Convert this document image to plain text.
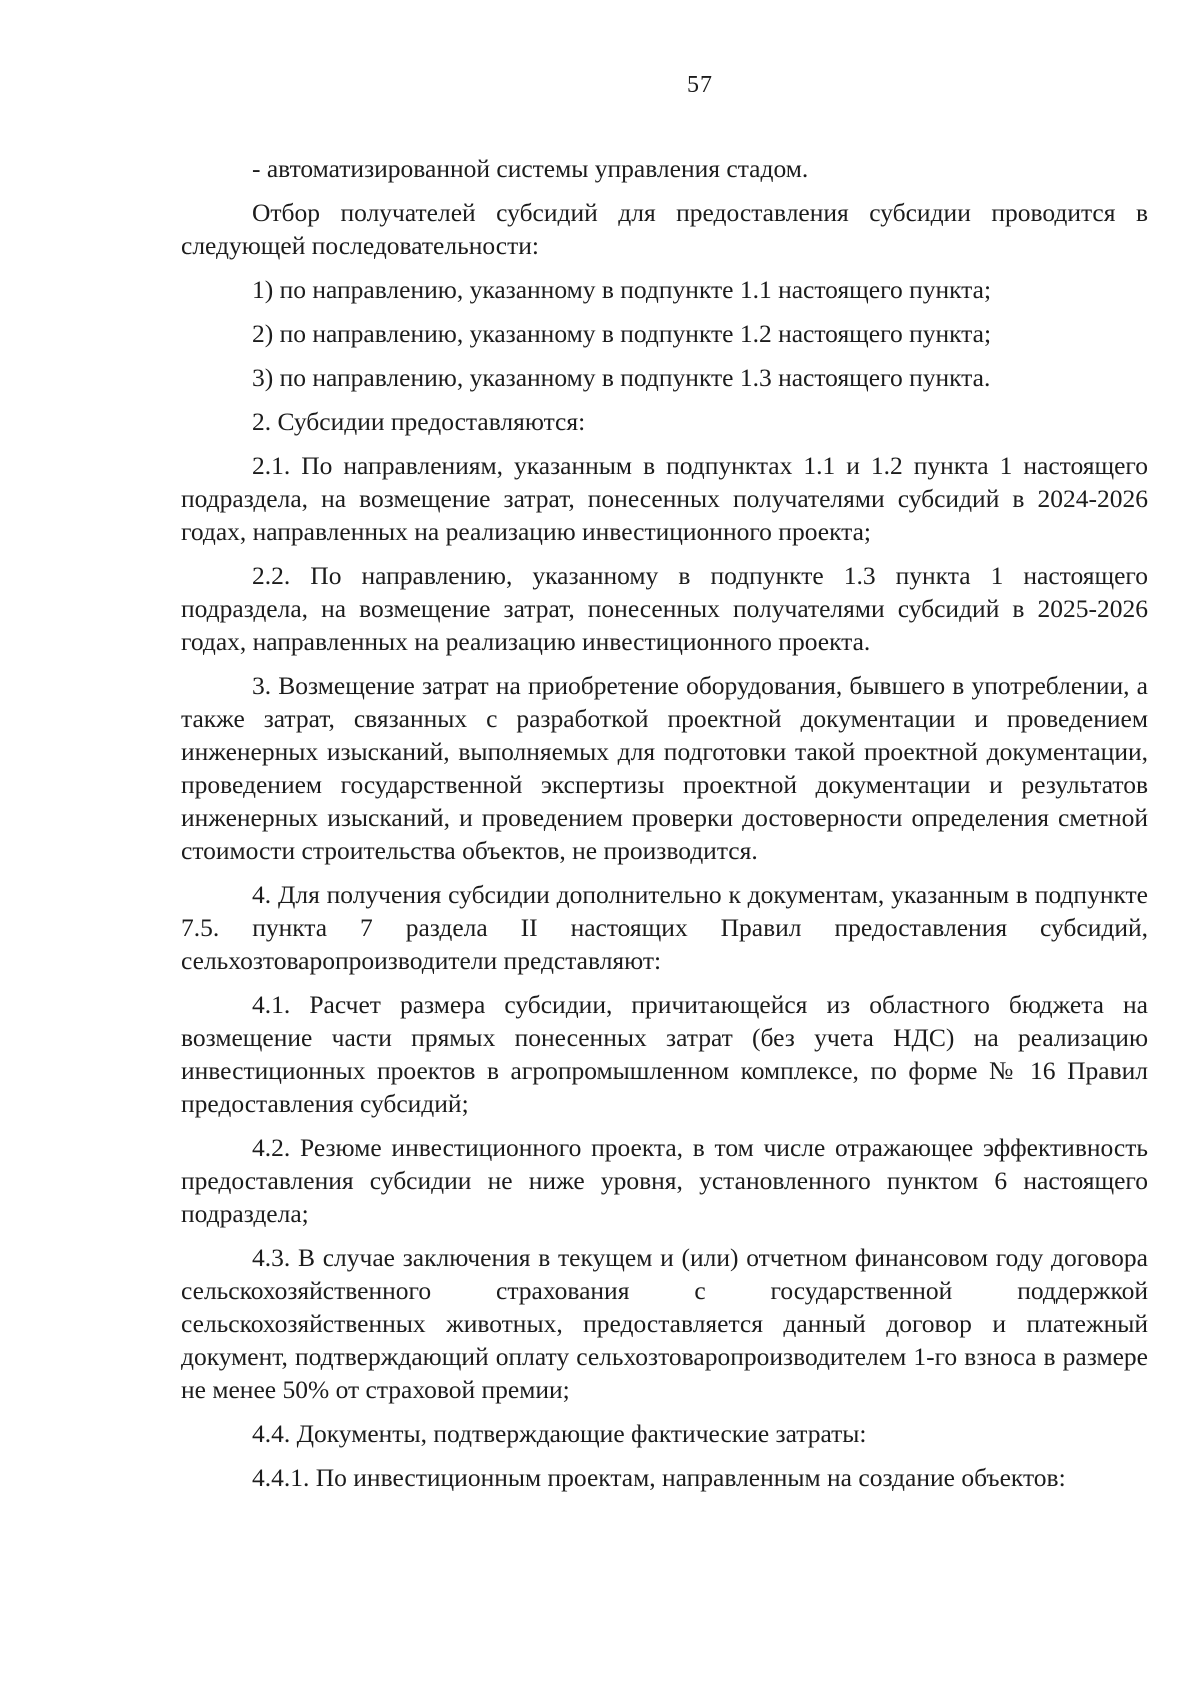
57

- автоматизированной системы управления стадом.

Отбор получателей субсидий для предоставления субсидии проводится в следующей последовательности:

1) по направлению, указанному в подпункте 1.1 настоящего пункта;

2) по направлению, указанному в подпункте 1.2 настоящего пункта;

3) по направлению, указанному в подпункте 1.3 настоящего пункта.

2. Субсидии предоставляются:

2.1. По направлениям, указанным в подпунктах 1.1 и 1.2 пункта 1 настоящего подраздела, на возмещение затрат, понесенных получателями субсидий в 2024-2026 годах, направленных на реализацию инвестиционного проекта;

2.2. По направлению, указанному в подпункте 1.3 пункта 1 настоящего подраздела, на возмещение затрат, понесенных получателями субсидий в 2025-2026 годах, направленных на реализацию инвестиционного проекта.

3. Возмещение затрат на приобретение оборудования, бывшего в употреблении, а также затрат, связанных с разработкой проектной документации и проведением инженерных изысканий, выполняемых для подготовки такой проектной документации, проведением государственной экспертизы проектной документации и результатов инженерных изысканий, и проведением проверки достоверности определения сметной стоимости строительства объектов, не производится.

4. Для получения субсидии дополнительно к документам, указанным в подпункте 7.5. пункта 7 раздела II настоящих Правил предоставления субсидий, сельхозтоваропроизводители представляют:

4.1. Расчет размера субсидии, причитающейся из областного бюджета на возмещение части прямых понесенных затрат (без учета НДС) на реализацию инвестиционных проектов в агропромышленном комплексе, по форме № 16 Правил предоставления субсидий;

4.2. Резюме инвестиционного проекта, в том числе отражающее эффективность предоставления субсидии не ниже уровня, установленного пунктом 6 настоящего подраздела;

4.3. В случае заключения в текущем и (или) отчетном финансовом году договора сельскохозяйственного страхования с государственной поддержкой сельскохозяйственных животных, предоставляется данный договор и платежный документ, подтверждающий оплату сельхозтоваропроизводителем 1-го взноса в размере не менее 50% от страховой премии;

4.4. Документы, подтверждающие фактические затраты:

4.4.1. По инвестиционным проектам, направленным на создание объектов:
